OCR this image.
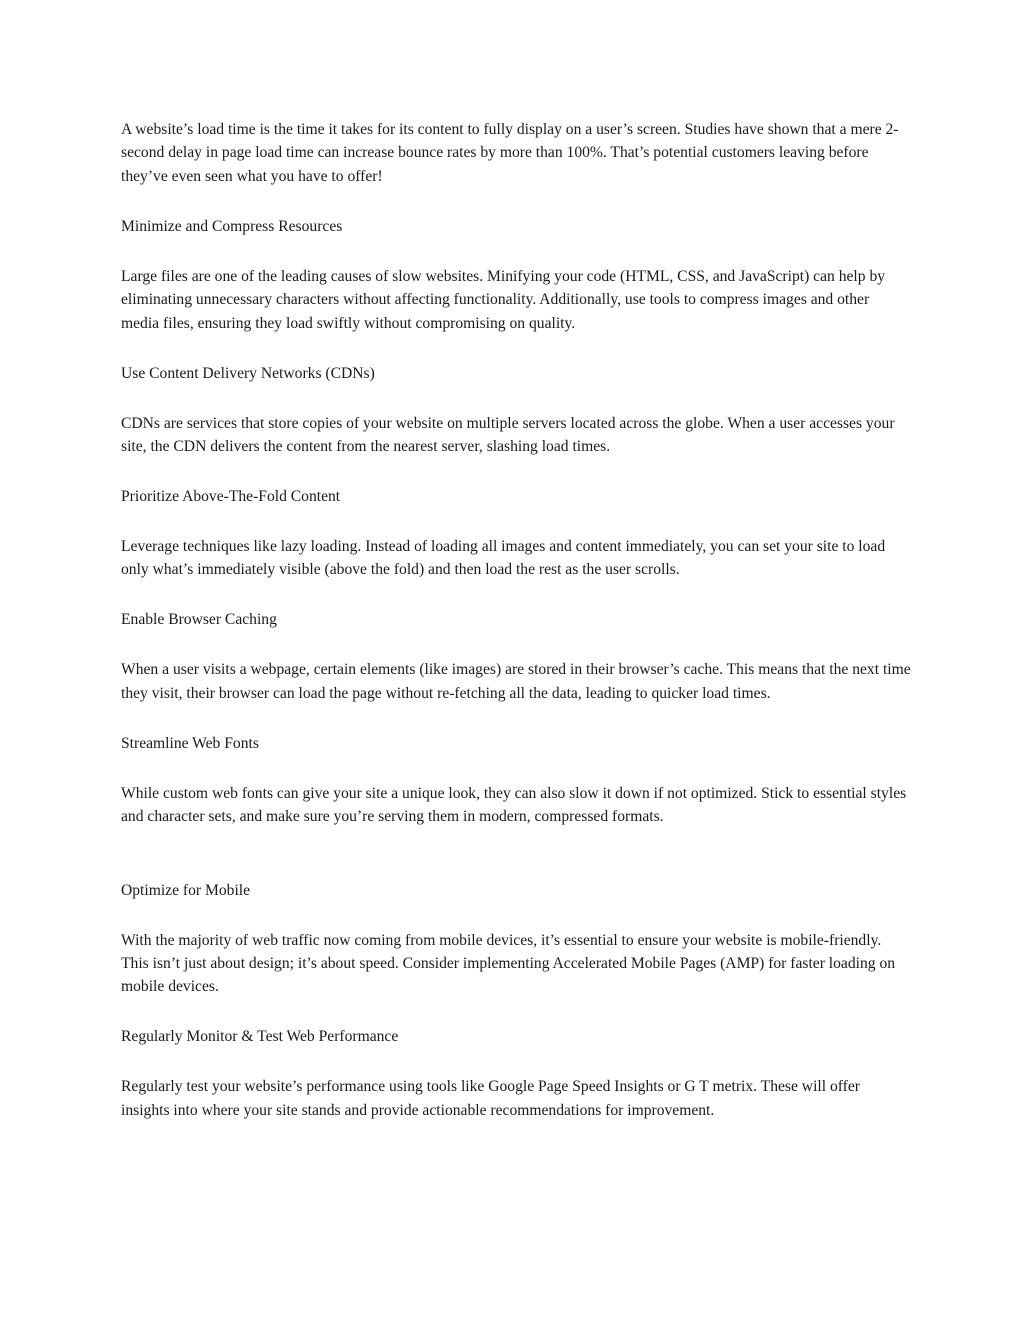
A website’s load time is the time it takes for its content to fully display on a user’s screen. Studies have shown that a mere 2-second delay in page load time can increase bounce rates by more than 100%. That’s potential customers leaving before they’ve even seen what you have to offer!

Minimize and Compress Resources

Large files are one of the leading causes of slow websites. Minifying your code (HTML, CSS, and JavaScript) can help by eliminating unnecessary characters without affecting functionality. Additionally, use tools to compress images and other media files, ensuring they load swiftly without compromising on quality.

Use Content Delivery Networks (CDNs)

CDNs are services that store copies of your website on multiple servers located across the globe. When a user accesses your site, the CDN delivers the content from the nearest server, slashing load times.

Prioritize Above-The-Fold Content

Leverage techniques like lazy loading. Instead of loading all images and content immediately, you can set your site to load only what’s immediately visible (above the fold) and then load the rest as the user scrolls.

Enable Browser Caching

When a user visits a webpage, certain elements (like images) are stored in their browser’s cache. This means that the next time they visit, their browser can load the page without re-fetching all the data, leading to quicker load times.

Streamline Web Fonts

While custom web fonts can give your site a unique look, they can also slow it down if not optimized. Stick to essential styles and character sets, and make sure you’re serving them in modern, compressed formats.

Optimize for Mobile

With the majority of web traffic now coming from mobile devices, it’s essential to ensure your website is mobile-friendly. This isn’t just about design; it’s about speed. Consider implementing Accelerated Mobile Pages (AMP) for faster loading on mobile devices.

Regularly Monitor & Test Web Performance

Regularly test your website’s performance using tools like Google Page Speed Insights or G T metrix. These will offer insights into where your site stands and provide actionable recommendations for improvement.
